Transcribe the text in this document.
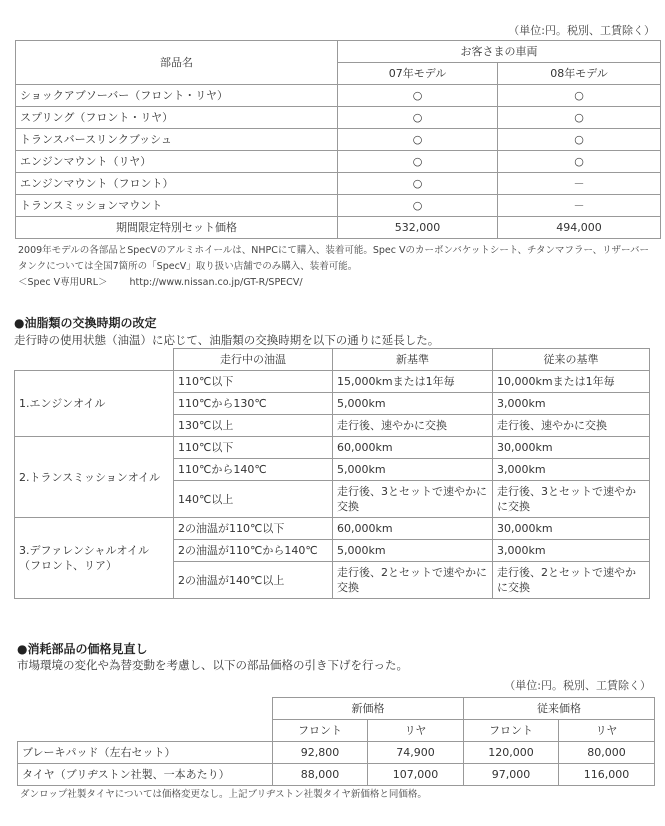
（単位:円。税別、工賃除く）
部品名	お客さまの車両	
	07年モデル	08年モデル
ショックアブソーバー（フロント・リヤ）	○	○
スプリング（フロント・リヤ）	○	○
トランスバースリンクブッシュ	○	○
エンジンマウント（リヤ）	○	○
エンジンマウント（フロント）	○	－
トランスミッションマウント	○	－
期間限定特別セット価格	532,000	494,000
2009年モデルの各部品とSpecVのアルミホイールは、NHPCにて購入、装着可能。Spec Vのカーボンバケットシート、チタンマフラー、リザーバータンクについては全国7箇所の「SpecV」取り扱い店舗でのみ購入、装着可能。
＜Spec V専用URL＞ http://www.nissan.co.jp/GT-R/SPECV/
●油脂類の交換時期の改定
走行時の使用状態（油温）に応じて、油脂類の交換時期を以下の通りに延長した。
	走行中の油温	新基準	従来の基準
1.エンジンオイル	110℃以下	15,000kmまたは1年毎	10,000kmまたは1年毎
	110℃から130℃	5,000km	3,000km
	130℃以上	走行後、速やかに交換	走行後、速やかに交換
2.トランスミッションオイル	110℃以下	60,000km	30,000km
	110℃から140℃	5,000km	3,000km
	140℃以上	走行後、3とセットで速やかに交換	走行後、3とセットで速やかに交換
3.デファレンシャルオイル（フロント、リア）	2の油温が110℃以下	60,000km	30,000km
	2の油温が110℃から140℃	5,000km	3,000km
	2の油温が140℃以上	走行後、2とセットで速やかに交換	走行後、2とセットで速やかに交換
●消耗部品の価格見直し
市場環境の変化や為替変動を考慮し、以下の部品価格の引き下げを行った。
（単位:円。税別、工賃除く）
	新価格		従来価格	
	フロント	リヤ	フロント	リヤ
ブレーキパッド（左右セット）	92,800	74,900	120,000	80,000
タイヤ（ブリヂストン社製、一本あたり）	88,000	107,000	97,000	116,000
ダンロップ社製タイヤについては価格変更なし。上記ブリヂストン社製タイヤ新価格と同価格。
